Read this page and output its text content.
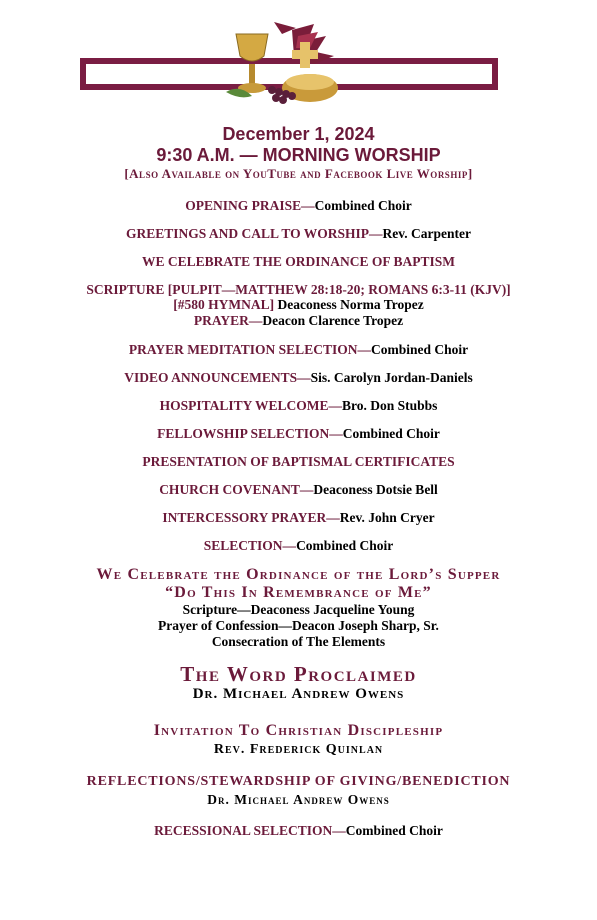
December 1, 2024
9:30 A.M. — MORNING WORSHIP
[Also Available on YouTube and Facebook Live Worship]
OPENING PRAISE—Combined Choir
GREETINGS AND CALL TO WORSHIP—Rev. Carpenter
WE CELEBRATE THE ORDINANCE OF BAPTISM
SCRIPTURE [PULPIT—MATTHEW 28:18-20; ROMANS 6:3-11 (KJV)]
[#580 HYMNAL] Deaconess Norma Tropez
PRAYER—Deacon Clarence Tropez
PRAYER MEDITATION SELECTION—Combined Choir
VIDEO ANNOUNCEMENTS—Sis. Carolyn Jordan-Daniels
HOSPITALITY WELCOME—Bro. Don Stubbs
FELLOWSHIP SELECTION—Combined Choir
PRESENTATION OF BAPTISMAL CERTIFICATES
CHURCH COVENANT—Deaconess Dotsie Bell
INTERCESSORY PRAYER—Rev. John Cryer
SELECTION—Combined Choir
We Celebrate the Ordinance of the Lord’s Supper
“Do This In Remembrance of Me”
Scripture—Deaconess Jacqueline Young
Prayer of Confession—Deacon Joseph Sharp, Sr.
Consecration of The Elements
The Word Proclaimed
Dr. Michael Andrew Owens
Invitation To Christian Discipleship
Rev. Frederick Quinlan
REFLECTIONS/STEWARDSHIP OF GIVING/BENEDICTION
Dr. Michael Andrew Owens
RECESSIONAL SELECTION—Combined Choir
